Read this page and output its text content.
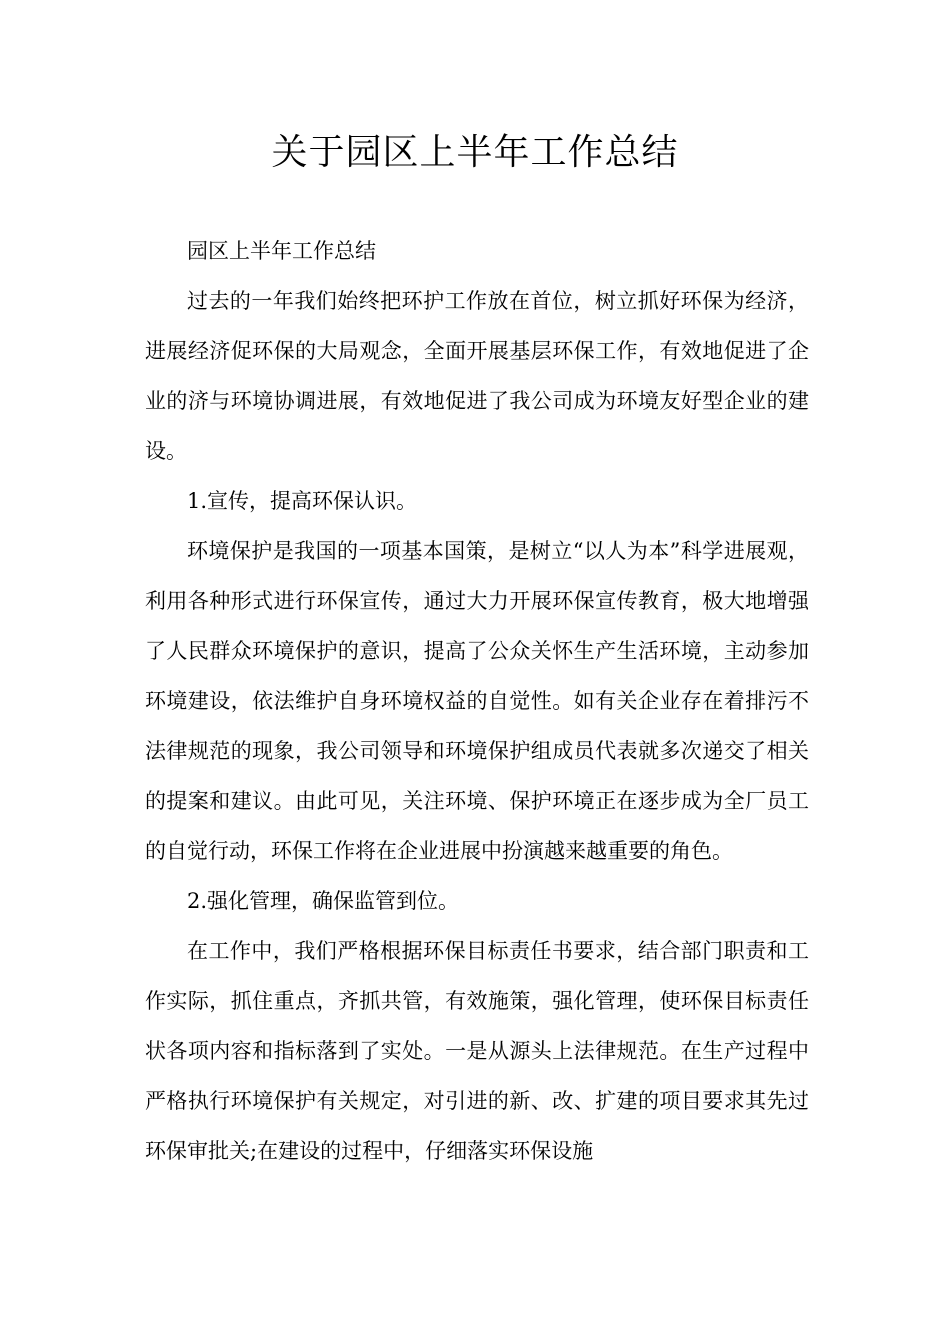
关于园区上半年工作总结

园区上半年工作总结

过去的一年我们始终把环护工作放在首位，树立抓好环保为经济，进展经济促环保的大局观念，全面开展基层环保工作，有效地促进了企业的济与环境协调进展，有效地促进了我公司成为环境友好型企业的建设。

1.宣传，提高环保认识。

环境保护是我国的一项基本国策，是树立“以人为本”科学进展观，利用各种形式进行环保宣传，通过大力开展环保宣传教育，极大地增强了人民群众环境保护的意识，提高了公众关怀生产生活环境，主动参加环境建设，依法维护自身环境权益的自觉性。如有关企业存在着排污不法律规范的现象，我公司领导和环境保护组成员代表就多次递交了相关的提案和建议。由此可见，关注环境、保护环境正在逐步成为全厂员工的自觉行动，环保工作将在企业进展中扮演越来越重要的角色。

2.强化管理，确保监管到位。

在工作中，我们严格根据环保目标责任书要求，结合部门职责和工作实际，抓住重点，齐抓共管，有效施策，强化管理，使环保目标责任状各项内容和指标落到了实处。一是从源头上法律规范。在生产过程中严格执行环境保护有关规定，对引进的新、改、扩建的项目要求其先过环保审批关;在建设的过程中，仔细落实环保设施
